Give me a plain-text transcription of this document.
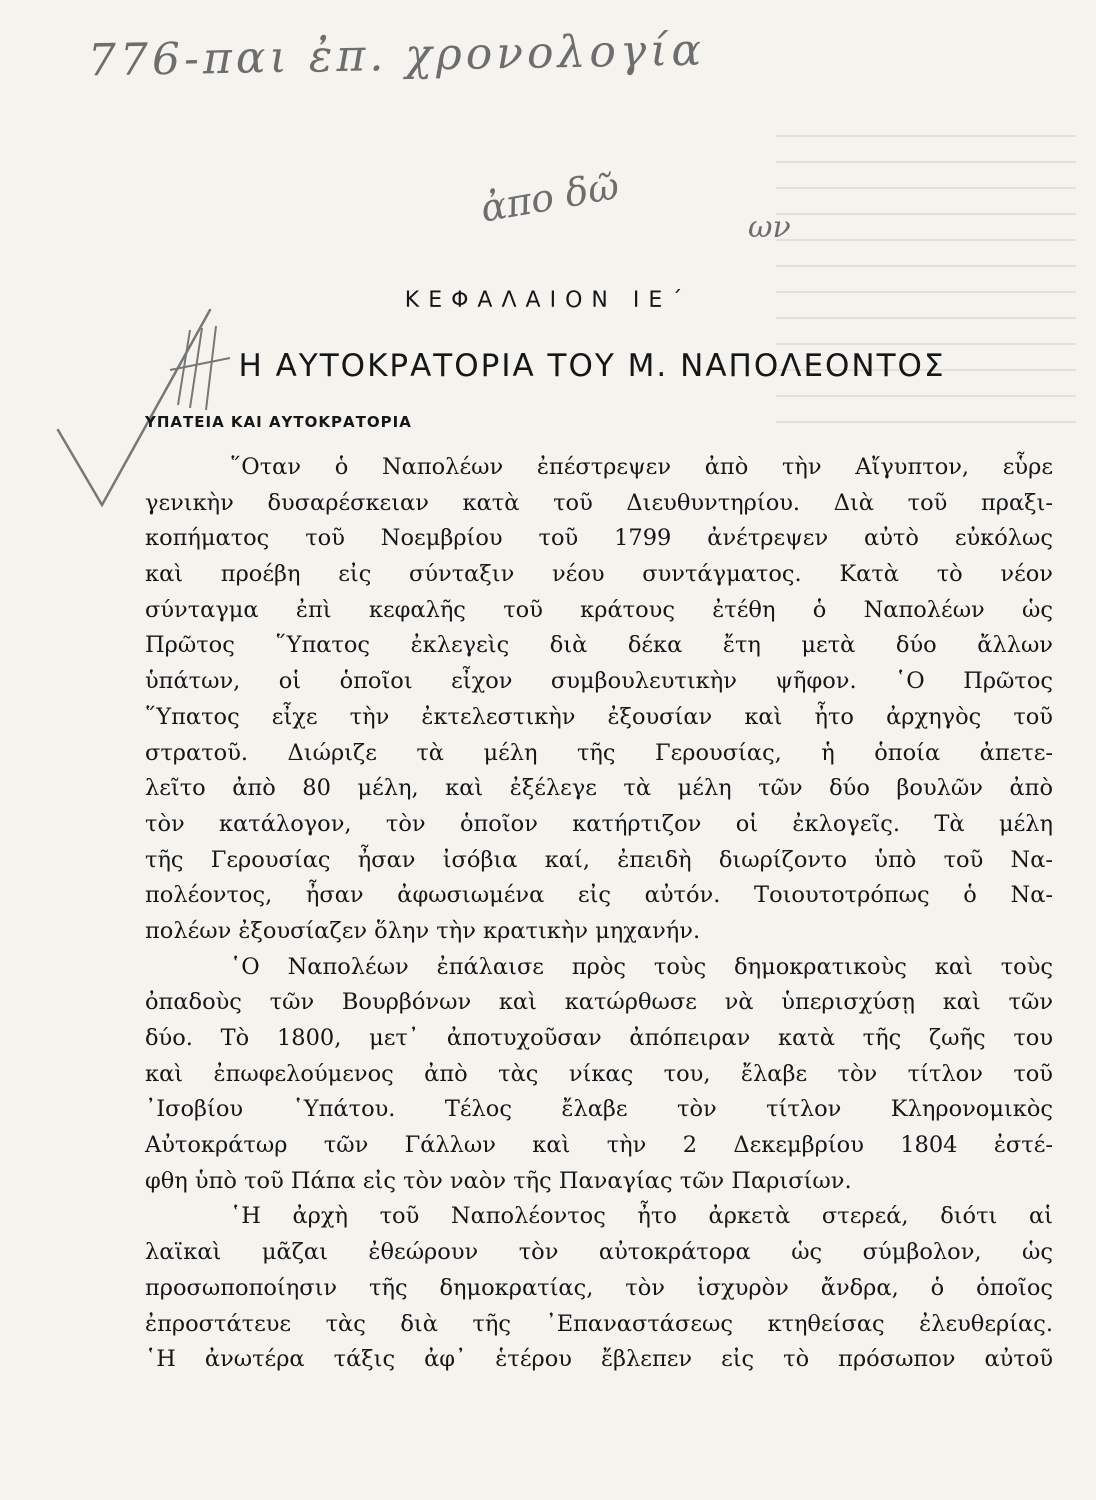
776-παι ἐπ. χρονολογία
ἀπο δῶ	ων
ΚΕΦΑΛΑΙΟΝ ΙΕ΄
Η ΑΥΤΟΚΡΑΤΟΡΙΑ ΤΟΥ Μ. ΝΑΠΟΛΕΟΝΤΟΣ
ΥΠΑΤΕΙΑ ΚΑΙ ΑΥΤΟΚΡΑΤΟΡΙΑ
῞Οταν ὁ Ναπολέων ἐπέστρεψεν ἀπὸ τὴν Αἴγυπτον, εὗρε
γενικὴν δυσαρέσκειαν κατὰ τοῦ Διευθυντηρίου. Διὰ τοῦ πραξι-
κοπήματος τοῦ Νοεμβρίου τοῦ 1799 ἀνέτρεψεν αὐτὸ εὐκόλως
καὶ προέβη εἰς σύνταξιν νέου συντάγματος. Κατὰ τὸ νέον
σύνταγμα ἐπὶ κεφαλῆς τοῦ κράτους ἐτέθη ὁ Ναπολέων ὡς
Πρῶτος ῞Υπατος ἐκλεγεὶς διὰ δέκα ἔτη μετὰ δύο ἄλλων
ὑπάτων, οἱ ὁποῖοι εἶχον συμβουλευτικὴν ψῆφον. ῾Ο Πρῶτος
῞Υπατος εἶχε τὴν ἐκτελεστικὴν ἐξουσίαν καὶ ἦτο ἀρχηγὸς τοῦ
στρατοῦ. Διώριζε τὰ μέλη τῆς Γερουσίας, ἡ ὁποία ἀπετε-
λεῖτο ἀπὸ 80 μέλη, καὶ ἐξέλεγε τὰ μέλη τῶν δύο βουλῶν ἀπὸ
τὸν κατάλογον, τὸν ὁποῖον κατήρτιζον οἱ ἐκλογεῖς. Τὰ μέλη
τῆς Γερουσίας ἦσαν ἰσόβια καί, ἐπειδὴ διωρίζοντο ὑπὸ τοῦ Να-
πολέοντος, ἦσαν ἀφωσιωμένα εἰς αὐτόν. Τοιουτοτρόπως ὁ Να-
πολέων ἐξουσίαζεν ὅλην τὴν κρατικὴν μηχανήν.
῾Ο Ναπολέων ἐπάλαισε πρὸς τοὺς δημοκρατικοὺς καὶ τοὺς
ὀπαδοὺς τῶν Βουρβόνων καὶ κατώρθωσε νὰ ὑπερισχύσῃ καὶ τῶν
δύο. Τὸ 1800, μετ᾿ ἀποτυχοῦσαν ἀπόπειραν κατὰ τῆς ζωῆς του
καὶ ἐπωφελούμενος ἀπὸ τὰς νίκας του, ἔλαβε τὸν τίτλον τοῦ
᾿Ισοβίου ῾Υπάτου. Τέλος ἔλαβε τὸν τίτλον Κληρονομικὸς
Αὐτοκράτωρ τῶν Γάλλων καὶ τὴν 2 Δεκεμβρίου 1804 ἐστέ-
φθη ὑπὸ τοῦ Πάπα εἰς τὸν ναὸν τῆς Παναγίας τῶν Παρισίων.
῾Η ἀρχὴ τοῦ Ναπολέοντος ἦτο ἀρκετὰ στερεά, διότι αἱ
λαϊκαὶ μᾶζαι ἐθεώρουν τὸν αὐτοκράτορα ὡς σύμβολον, ὡς
προσωποποίησιν τῆς δημοκρατίας, τὸν ἰσχυρὸν ἄνδρα, ὁ ὁποῖος
ἐπροστάτευε τὰς διὰ τῆς ᾿Επαναστάσεως κτηθείσας ἐλευθερίας.
῾Η ἀνωτέρα τάξις ἀφ᾿ ἑτέρου ἔβλεπεν εἰς τὸ πρόσωπον αὐτοῦ
